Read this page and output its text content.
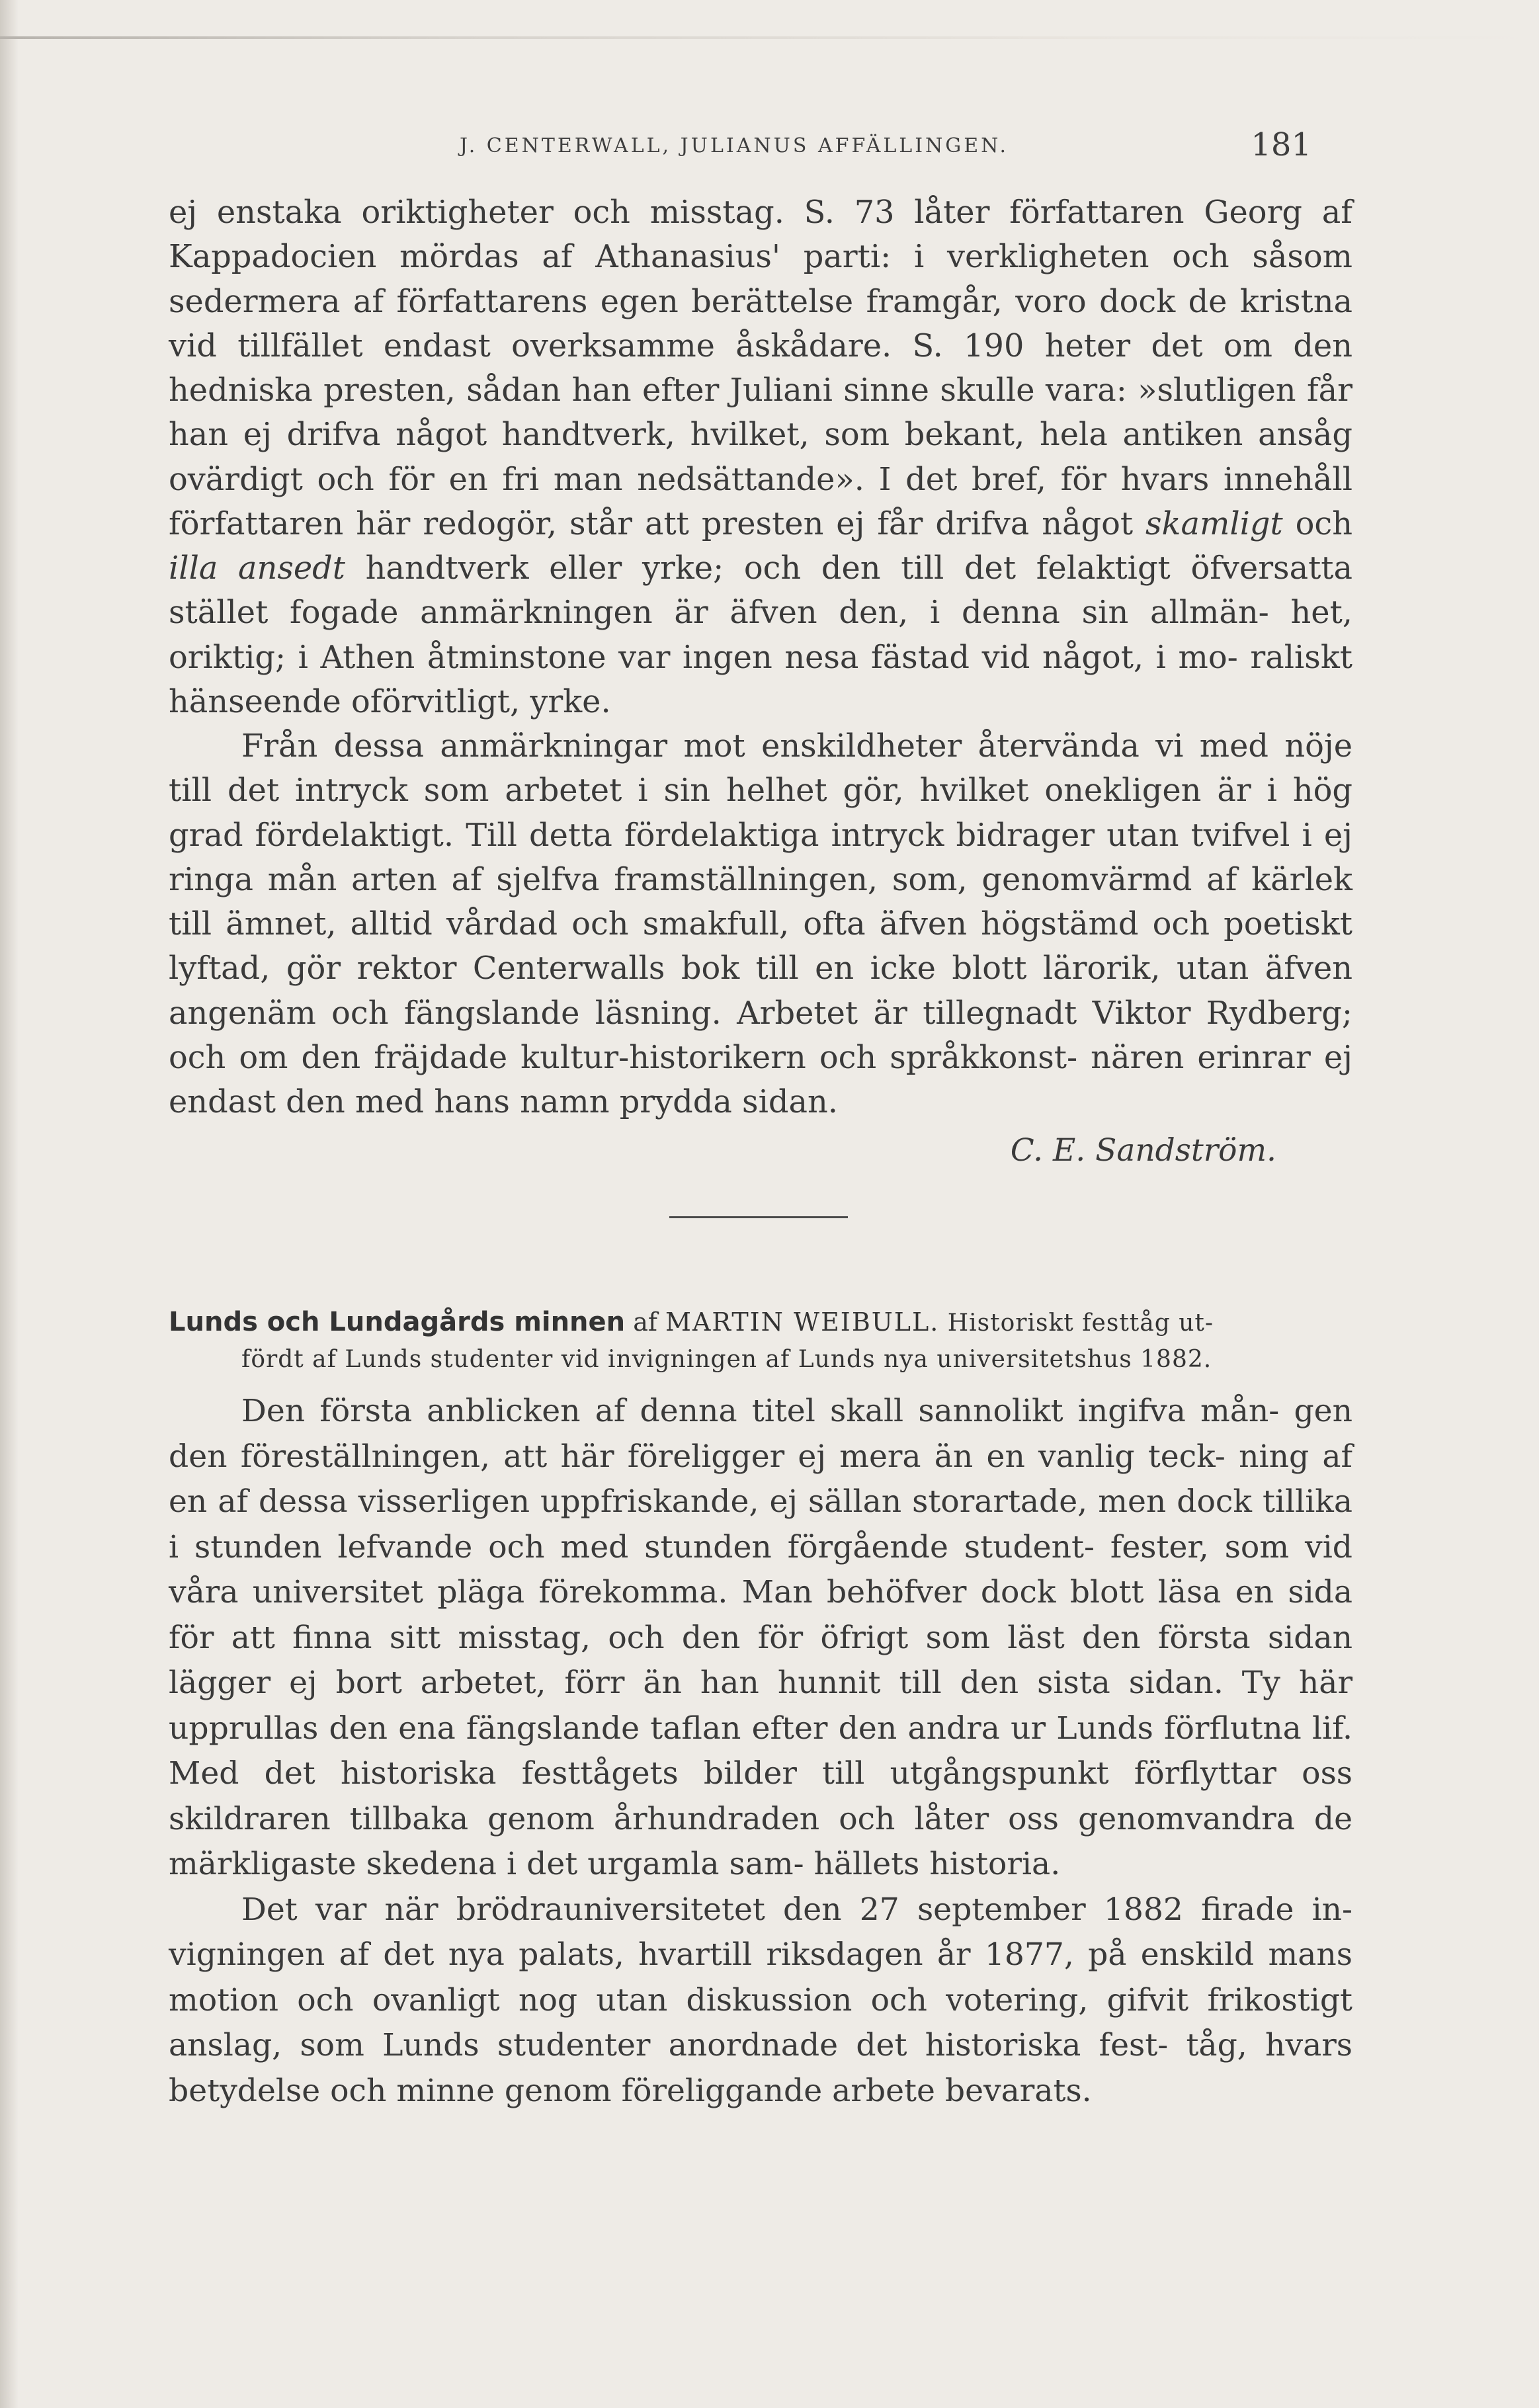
J. CENTERWALL, JULIANUS AFFÄLLINGEN.	181

ej enstaka oriktigheter och misstag. S. 73 låter författaren Georg af Kappadocien mördas af Athanasius' parti: i verkligheten och såsom sedermera af författarens egen berättelse framgår, voro dock de kristna vid tillfället endast overksamme åskådare. S. 190 heter det om den hedniska presten, sådan han efter Juliani sinne skulle vara: »slutligen får han ej drifva något handtverk, hvilket, som bekant, hela antiken ansåg ovärdigt och för en fri man nedsättande». I det bref, för hvars innehåll författaren här redogör, står att presten ej får drifva något skamligt och illa ansedt handtverk eller yrke; och den till det felaktigt öfversatta stället fogade anmärkningen är äfven den, i denna sin allmän- het, oriktig; i Athen åtminstone var ingen nesa fästad vid något, i mo- raliskt hänseende oförvitligt, yrke.

Från dessa anmärkningar mot enskildheter återvända vi med nöje till det intryck som arbetet i sin helhet gör, hvilket onekligen är i hög grad fördelaktigt. Till detta fördelaktiga intryck bidrager utan tvifvel i ej ringa mån arten af sjelfva framställningen, som, genomvärmd af kärlek till ämnet, alltid vårdad och smakfull, ofta äfven högstämd och poetiskt lyftad, gör rektor Centerwalls bok till en icke blott lärorik, utan äfven angenäm och fängslande läsning. Arbetet är tillegnadt Viktor Rydberg; och om den fräjdade kultur-historikern och språkkonst- nären erinrar ej endast den med hans namn prydda sidan.

C. E. Sandström.
Lunds och Lundagårds minnen af MARTIN WEIBULL. Historiskt festtåg ut-
fördt af Lunds studenter vid invigningen af Lunds nya universitetshus 1882.

Den första anblicken af denna titel skall sannolikt ingifva mån- gen den föreställningen, att här föreligger ej mera än en vanlig teck- ning af en af dessa visserligen uppfriskande, ej sällan storartade, men dock tillika i stunden lefvande och med stunden förgående student- fester, som vid våra universitet pläga förekomma. Man behöfver dock blott läsa en sida för att finna sitt misstag, och den för öfrigt som läst den första sidan lägger ej bort arbetet, förr än han hunnit till den sista sidan. Ty här upprullas den ena fängslande taflan efter den andra ur Lunds förflutna lif. Med det historiska festtågets bilder till utgångspunkt förflyttar oss skildraren tillbaka genom århundraden och låter oss genomvandra de märkligaste skedena i det urgamla sam- hällets historia.

Det var när brödrauniversitetet den 27 september 1882 firade in- vigningen af det nya palats, hvartill riksdagen år 1877, på enskild mans motion och ovanligt nog utan diskussion och votering, gifvit frikostigt anslag, som Lunds studenter anordnade det historiska fest- tåg, hvars betydelse och minne genom föreliggande arbete bevarats.
